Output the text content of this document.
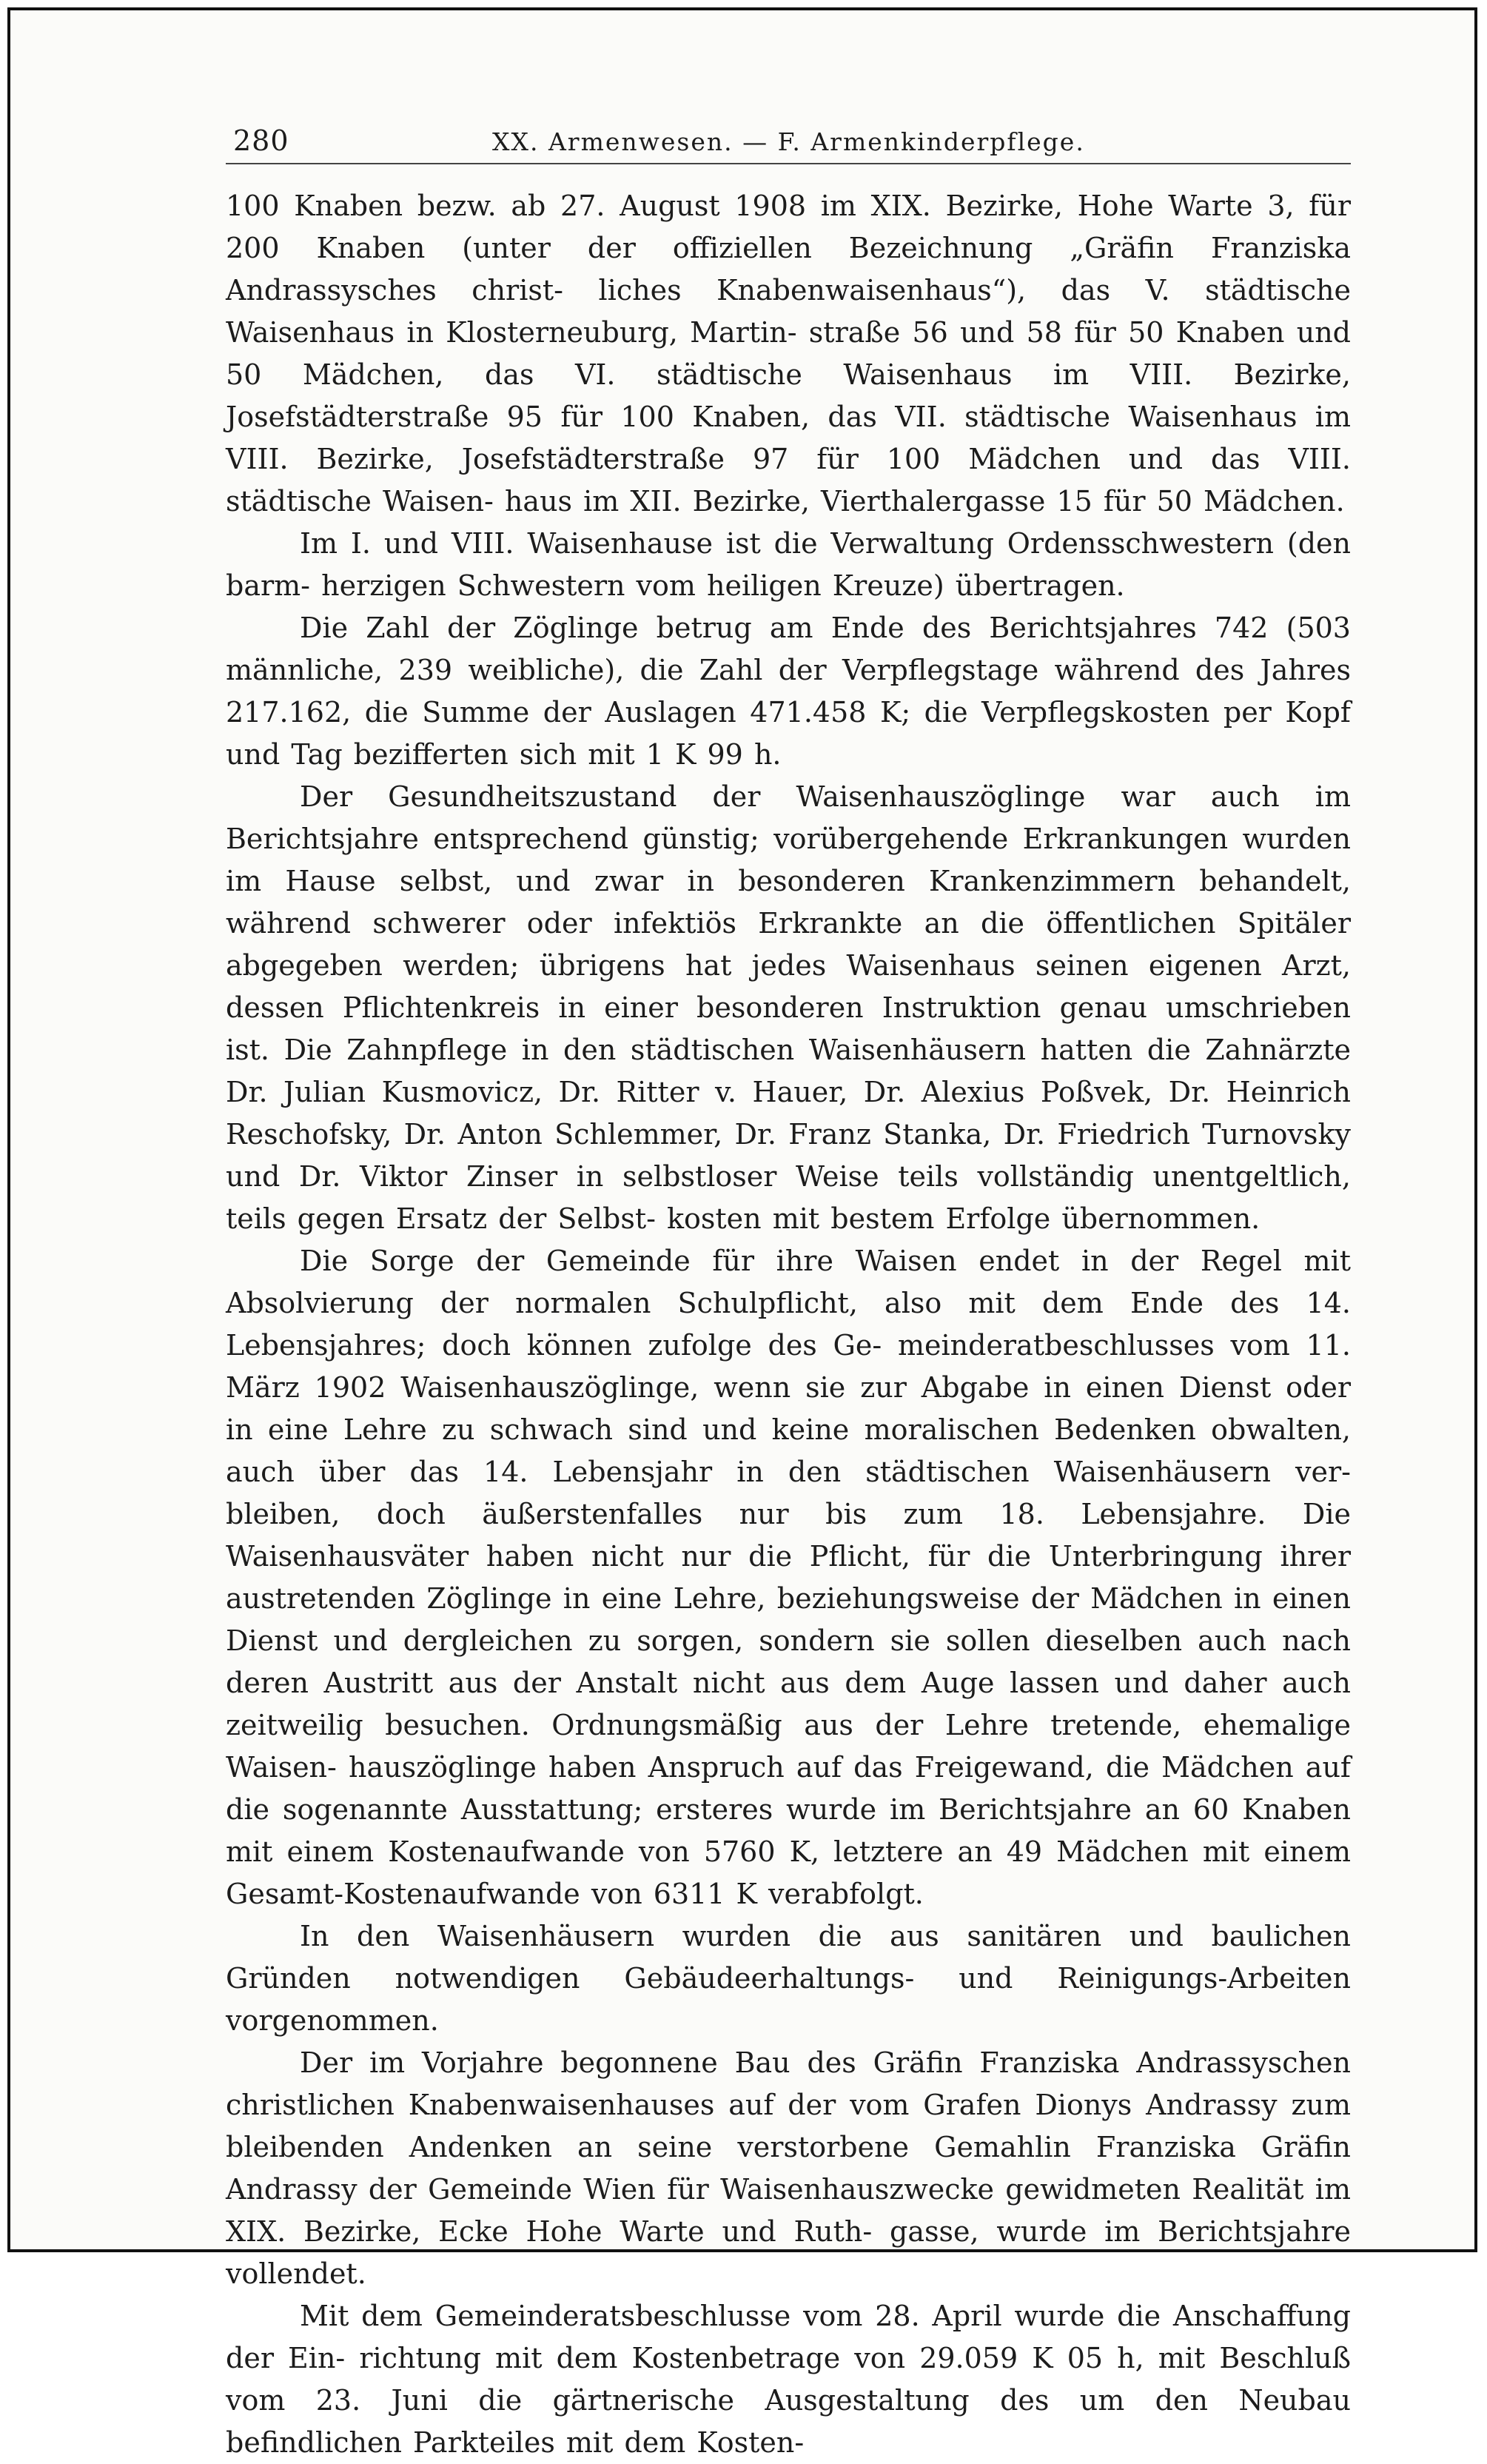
280	XX. Armenwesen. — F. Armenkinderpflege.

100 Knaben bezw. ab 27. August 1908 im XIX. Bezirke, Hohe Warte 3, für 200 Knaben (unter der offiziellen Bezeichnung „Gräfin Franziska Andrassysches christ- liches Knabenwaisenhaus“), das V. städtische Waisenhaus in Klosterneuburg, Martin- straße 56 und 58 für 50 Knaben und 50 Mädchen, das VI. städtische Waisenhaus im VIII. Bezirke, Josefstädterstraße 95 für 100 Knaben, das VII. städtische Waisenhaus im VIII. Bezirke, Josefstädterstraße 97 für 100 Mädchen und das VIII. städtische Waisen- haus im XII. Bezirke, Vierthalergasse 15 für 50 Mädchen.

Im I. und VIII. Waisenhause ist die Verwaltung Ordensschwestern (den barm- herzigen Schwestern vom heiligen Kreuze) übertragen.

Die Zahl der Zöglinge betrug am Ende des Berichtsjahres 742 (503 männliche, 239 weibliche), die Zahl der Verpflegstage während des Jahres 217.162, die Summe der Auslagen 471.458 K; die Verpflegskosten per Kopf und Tag bezifferten sich mit 1 K 99 h.

Der Gesundheitszustand der Waisenhauszöglinge war auch im Berichtsjahre entsprechend günstig; vorübergehende Erkrankungen wurden im Hause selbst, und zwar in besonderen Krankenzimmern behandelt, während schwerer oder infektiös Erkrankte an die öffentlichen Spitäler abgegeben werden; übrigens hat jedes Waisenhaus seinen eigenen Arzt, dessen Pflichtenkreis in einer besonderen Instruktion genau umschrieben ist. Die Zahnpflege in den städtischen Waisenhäusern hatten die Zahnärzte Dr. Julian Kusmovicz, Dr. Ritter v. Hauer, Dr. Alexius Poßvek, Dr. Heinrich Reschofsky, Dr. Anton Schlemmer, Dr. Franz Stanka, Dr. Friedrich Turnovsky und Dr. Viktor Zinser in selbstloser Weise teils vollständig unentgeltlich, teils gegen Ersatz der Selbst- kosten mit bestem Erfolge übernommen.

Die Sorge der Gemeinde für ihre Waisen endet in der Regel mit Absolvierung der normalen Schulpflicht, also mit dem Ende des 14. Lebensjahres; doch können zufolge des Ge- meinderatbeschlusses vom 11. März 1902 Waisenhauszöglinge, wenn sie zur Abgabe in einen Dienst oder in eine Lehre zu schwach sind und keine moralischen Bedenken obwalten, auch über das 14. Lebensjahr in den städtischen Waisenhäusern ver- bleiben, doch äußerstenfalles nur bis zum 18. Lebensjahre. Die Waisenhausväter haben nicht nur die Pflicht, für die Unterbringung ihrer austretenden Zöglinge in eine Lehre, beziehungsweise der Mädchen in einen Dienst und dergleichen zu sorgen, sondern sie sollen dieselben auch nach deren Austritt aus der Anstalt nicht aus dem Auge lassen und daher auch zeitweilig besuchen. Ordnungsmäßig aus der Lehre tretende, ehemalige Waisen- hauszöglinge haben Anspruch auf das Freigewand, die Mädchen auf die sogenannte Ausstattung; ersteres wurde im Berichtsjahre an 60 Knaben mit einem Kostenaufwande von 5760 K, letztere an 49 Mädchen mit einem Gesamt-Kostenaufwande von 6311 K verabfolgt.

In den Waisenhäusern wurden die aus sanitären und baulichen Gründen notwendigen Gebäudeerhaltungs- und Reinigungs-Arbeiten vorgenommen.

Der im Vorjahre begonnene Bau des Gräfin Franziska Andrassyschen christlichen Knabenwaisenhauses auf der vom Grafen Dionys Andrassy zum bleibenden Andenken an seine verstorbene Gemahlin Franziska Gräfin Andrassy der Gemeinde Wien für Waisenhauszwecke gewidmeten Realität im XIX. Bezirke, Ecke Hohe Warte und Ruth- gasse, wurde im Berichtsjahre vollendet.

Mit dem Gemeinderatsbeschlusse vom 28. April wurde die Anschaffung der Ein- richtung mit dem Kostenbetrage von 29.059 K 05 h, mit Beschluß vom 23. Juni die gärtnerische Ausgestaltung des um den Neubau befindlichen Parkteiles mit dem Kosten-
